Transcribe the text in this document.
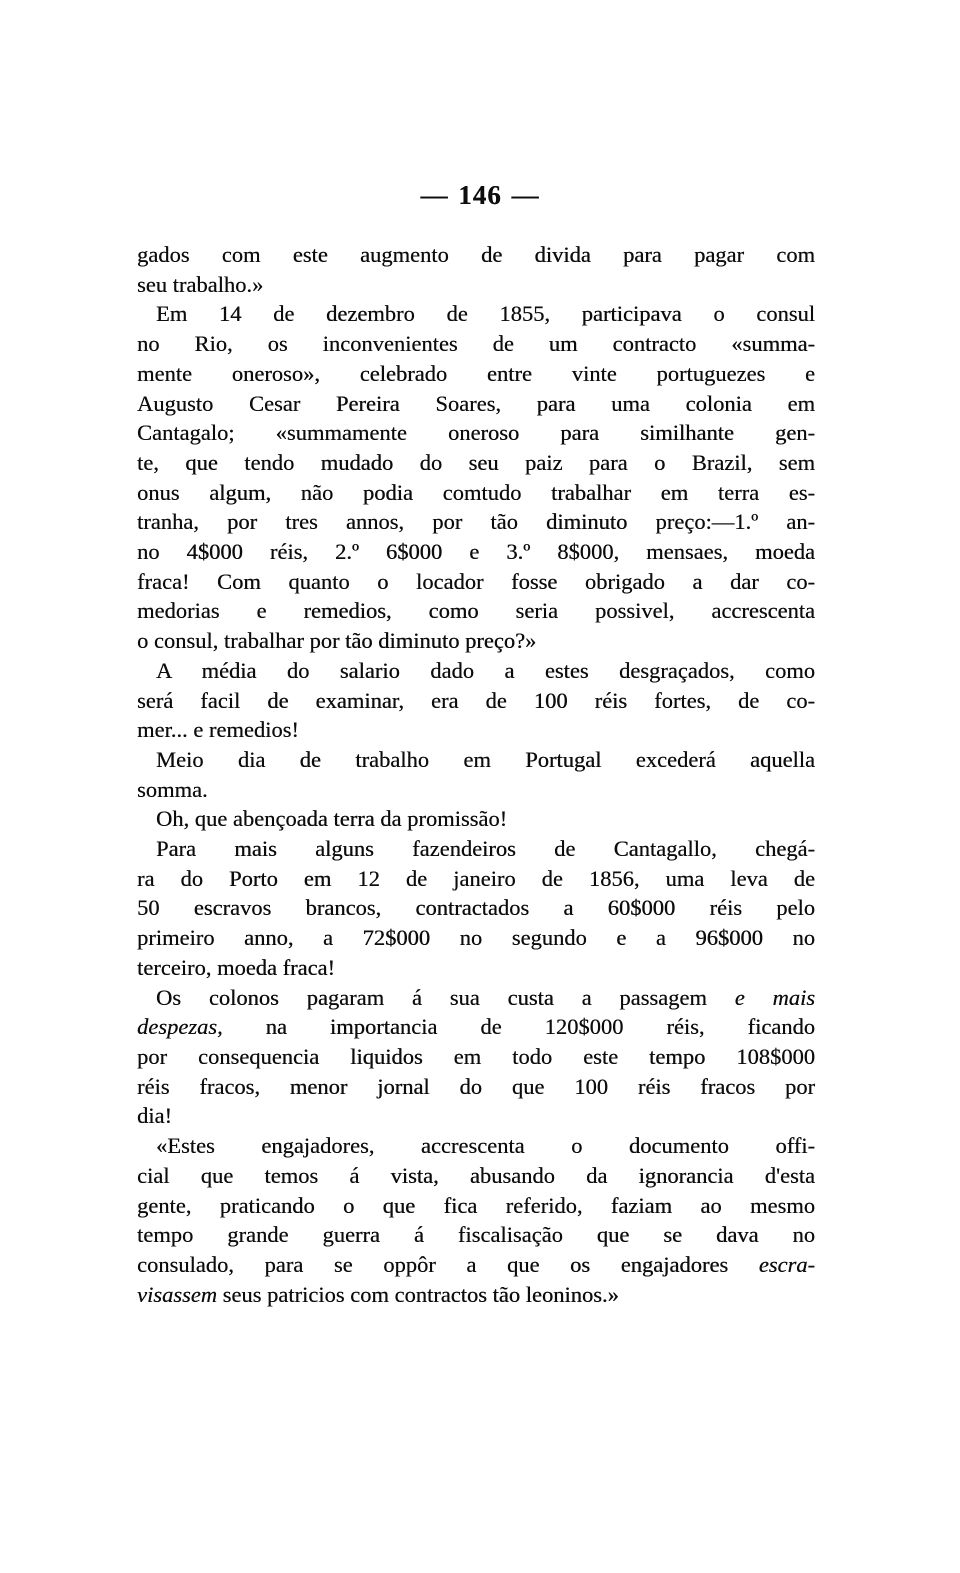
— 146 —
gados com este augmento de divida para pagar com
seu trabalho.»
Em 14 de dezembro de 1855, participava o consul
no Rio, os inconvenientes de um contracto «summa-
mente oneroso», celebrado entre vinte portuguezes e
Augusto Cesar Pereira Soares, para uma colonia em
Cantagalo; «summamente oneroso para similhante gen-
te, que tendo mudado do seu paiz para o Brazil, sem
onus algum, não podia comtudo trabalhar em terra es-
tranha, por tres annos, por tão diminuto preço:—1.º an-
no 4$000 réis, 2.º 6$000 e 3.º 8$000, mensaes, moeda
fraca! Com quanto o locador fosse obrigado a dar co-
medorias e remedios, como seria possivel, accrescenta
o consul, trabalhar por tão diminuto preço?»
A média do salario dado a estes desgraçados, como
será facil de examinar, era de 100 réis fortes, de co-
mer... e remedios!
Meio dia de trabalho em Portugal excederá aquella
somma.
Oh, que abençoada terra da promissão!
Para mais alguns fazendeiros de Cantagallo, chegá-
ra do Porto em 12 de janeiro de 1856, uma leva de
50 escravos brancos, contractados a 60$000 réis pelo
primeiro anno, a 72$000 no segundo e a 96$000 no
terceiro, moeda fraca!
Os colonos pagaram á sua custa a passagem e mais
despezas, na importancia de 120$000 réis, ficando
por consequencia liquidos em todo este tempo 108$000
réis fracos, menor jornal do que 100 réis fracos por
dia!
«Estes engajadores, accrescenta o documento offi-
cial que temos á vista, abusando da ignorancia d'esta
gente, praticando o que fica referido, faziam ao mesmo
tempo grande guerra á fiscalisação que se dava no
consulado, para se oppôr a que os engajadores escra-
visassem seus patricios com contractos tão leoninos.»
